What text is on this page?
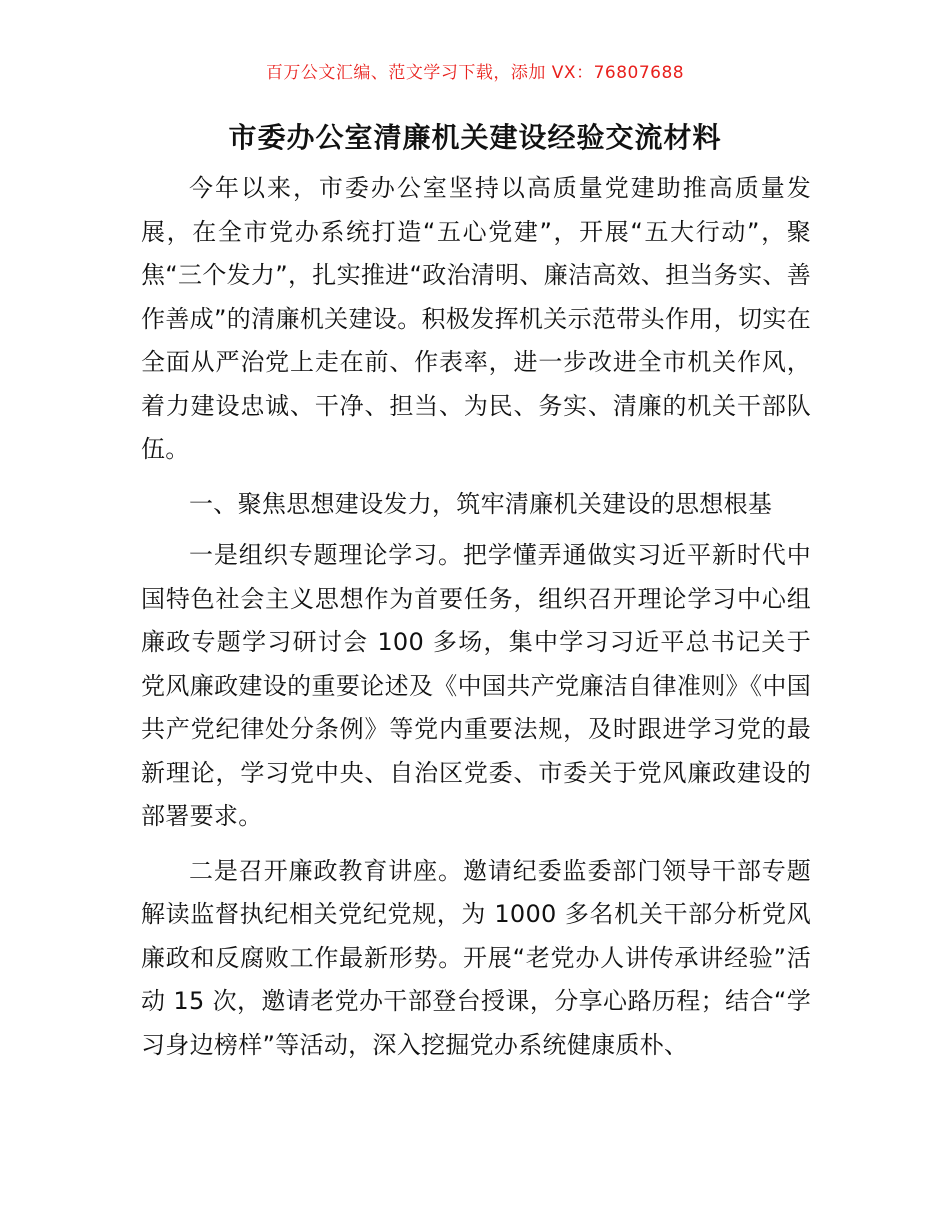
百万公文汇编、范文学习下载，添加 VX：76807688
市委办公室清廉机关建设经验交流材料

今年以来，市委办公室坚持以高质量党建助推高质量发展，在全市党办系统打造“五心党建”，开展“五大行动”，聚焦“三个发力”，扎实推进“政治清明、廉洁高效、担当务实、善作善成”的清廉机关建设。积极发挥机关示范带头作用，切实在全面从严治党上走在前、作表率，进一步改进全市机关作风，着力建设忠诚、干净、担当、为民、务实、清廉的机关干部队伍。

一、聚焦思想建设发力，筑牢清廉机关建设的思想根基

一是组织专题理论学习。把学懂弄通做实习近平新时代中国特色社会主义思想作为首要任务，组织召开理论学习中心组廉政专题学习研讨会 100 多场，集中学习习近平总书记关于党风廉政建设的重要论述及《中国共产党廉洁自律准则》《中国共产党纪律处分条例》等党内重要法规，及时跟进学习党的最新理论，学习党中央、自治区党委、市委关于党风廉政建设的部署要求。

二是召开廉政教育讲座。邀请纪委监委部门领导干部专题解读监督执纪相关党纪党规，为 1000 多名机关干部分析党风廉政和反腐败工作最新形势。开展“老党办人讲传承讲经验”活动 15 次，邀请老党办干部登台授课，分享心路历程；结合“学习身边榜样”等活动，深入挖掘党办系统健康质朴、
